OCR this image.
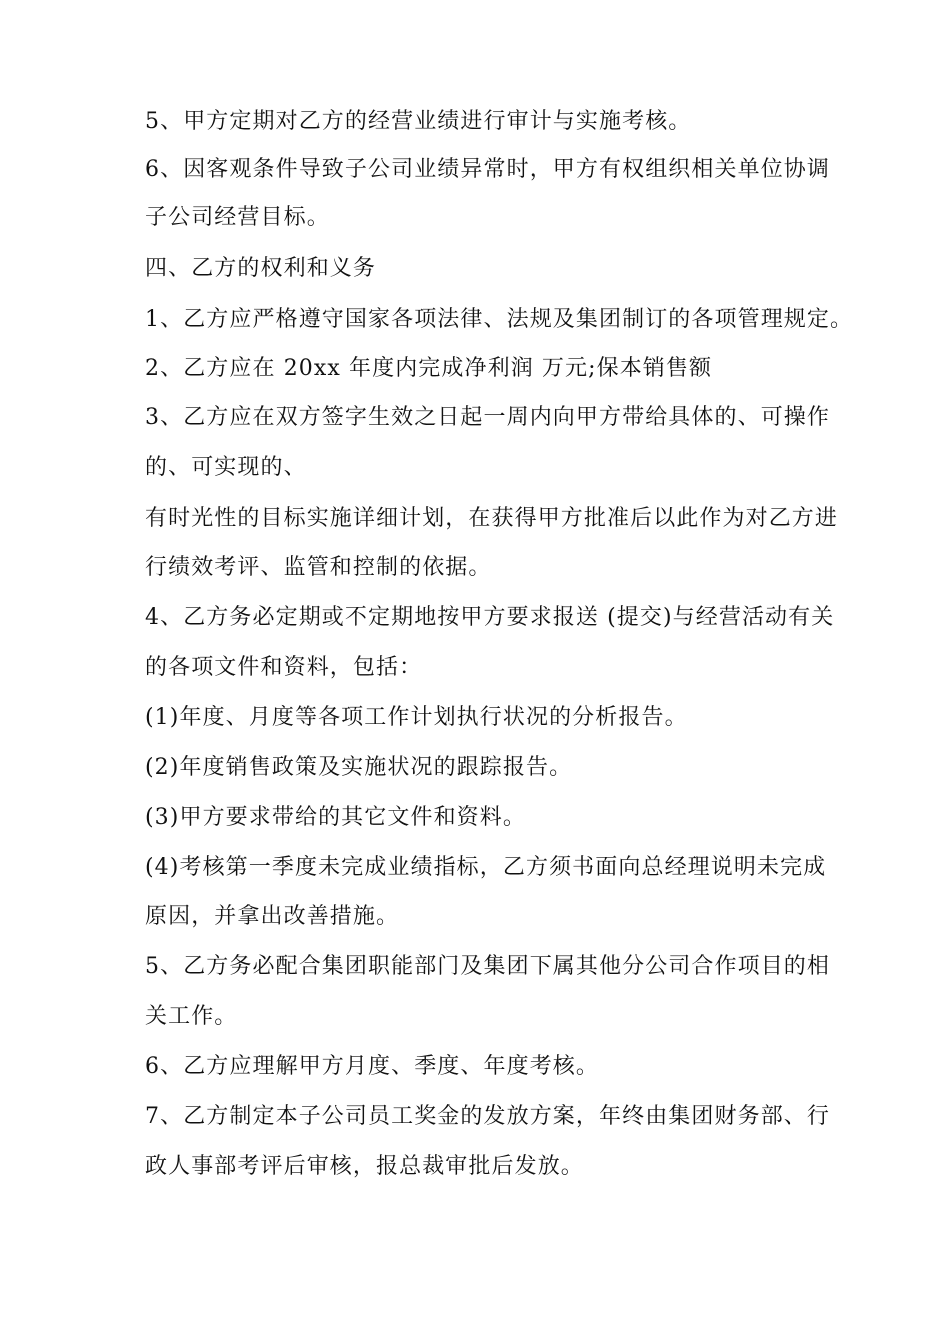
5、甲方定期对乙方的经营业绩进行审计与实施考核。
6、因客观条件导致子公司业绩异常时，甲方有权组织相关单位协调
子公司经营目标。
四、乙方的权利和义务
1、乙方应严格遵守国家各项法律、法规及集团制订的各项管理规定。
2、乙方应在 20xx 年度内完成净利润 万元;保本销售额
3、乙方应在双方签字生效之日起一周内向甲方带给具体的、可操作
的、可实现的、
有时光性的目标实施详细计划，在获得甲方批准后以此作为对乙方进
行绩效考评、监管和控制的依据。
4、乙方务必定期或不定期地按甲方要求报送 (提交)与经营活动有关
的各项文件和资料，包括：
(1)年度、月度等各项工作计划执行状况的分析报告。
(2)年度销售政策及实施状况的跟踪报告。
(3)甲方要求带给的其它文件和资料。
(4)考核第一季度未完成业绩指标，乙方须书面向总经理说明未完成
原因，并拿出改善措施。
5、乙方务必配合集团职能部门及集团下属其他分公司合作项目的相
关工作。
6、乙方应理解甲方月度、季度、年度考核。
7、乙方制定本子公司员工奖金的发放方案，年终由集团财务部、行
政人事部考评后审核，报总裁审批后发放。
